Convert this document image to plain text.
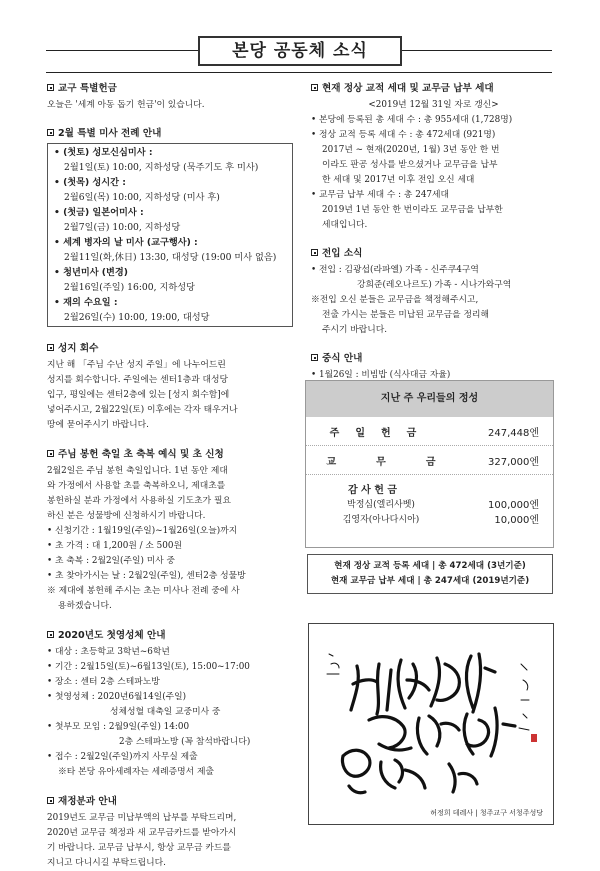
본당 공동체 소식
교구 특별헌금
오늘은 '세계 아동 돕기 헌금'이 있습니다.
2월 특별 미사 전례 안내
• (첫토) 성모신심미사 :
2월1일(토) 10:00, 지하성당 (묵주기도 후 미사)
• (첫목) 성시간 :
2월6일(목) 10:00, 지하성당 (미사 후)
• (첫금) 일본어미사 :
2월7일(금) 10:00, 지하성당
• 세계 병자의 날 미사 (교구행사) :
2월11일(화,休日) 13:30, 대성당 (19:00 미사 없음)
• 청년미사 (변경)
2월16일(주일) 16:00, 지하성당
• 재의 수요일 :
2월26일(수) 10:00, 19:00, 대성당
성지 회수
지난 해 「주님 수난 성지 주일」에 나누어드린
성지를 회수합니다. 주일에는 센터1층과 대성당
입구, 평일에는 센터2층에 있는 [성지 회수함]에
넣어주시고, 2월22일(토) 이후에는 각자 태우거나
땅에 묻어주시기 바랍니다.
주님 봉헌 축일 초 축복 예식 및 초 신청
2월2일은 주님 봉헌 축일입니다. 1년 동안 제대
와 가정에서 사용할 초를 축복하오니, 제대초를
봉헌하실 분과 가정에서 사용하실 기도초가 필요
하신 분은 성물방에 신청하시기 바랍니다.
• 신청기간 : 1월19일(주일)~1월26일(오늘)까지
• 초 가격 : 대 1,200원 / 소 500원
• 초 축복 : 2월2일(주일) 미사 중
• 초 찾아가시는 날 : 2월2일(주일), 센터2층 성물방
※ 제대에 봉헌해 주시는 초는 미사나 전례 중에 사
용하겠습니다.
2020년도 첫영성체 안내
• 대상 : 초등학교 3학년~6학년
• 기간 : 2월15일(토)~6월13일(토), 15:00~17:00
• 장소 : 센터 2층 스테파노방
• 첫영성체 : 2020년6월14일(주일)
성체성혈 대축일 교중미사 중
• 첫부모 모임 : 2월9일(주일) 14:00
2층 스테파노방 (꼭 참석바랍니다)
• 접수 : 2월2일(주일)까지 사무실 제출
※타 본당 유아세례자는 세례증명서 제출
재정분과 안내
2019년도 교무금 미납부액의 납부를 부탁드리며,
2020년 교무금 책정과 새 교무금카드를 받아가시
기 바랍니다. 교무금 납부시, 항상 교무금 카드를
지니고 다니시길 부탁드립니다.
현재 정상 교적 세대 및 교무금 납부 세대
<2019년 12월 31일 자로 갱신>
• 본당에 등록된 총 세대 수 : 총 955세대 (1,728명)
• 정상 교적 등록 세대 수 : 총 472세대 (921명)
2017년 ~ 현재(2020년, 1월) 3년 동안 한 번
이라도 판공 성사를 받으셨거나 교무금을 납부
한 세대 및 2017년 이후 전입 오신 세대
• 교무금 납부 세대 수 : 총 247세대
2019년 1년 동안 한 번이라도 교무금을 납부한
세대입니다.
전입 소식
• 전입 : 김광섭(라파엘) 가족 - 신주쿠4구역
강희준(레오나르도) 가족 - 시나가와구역
※전입 오신 분들은 교무금을 책정해주시고,
전출 가시는 분들은 미납된 교무금을 정리해
주시기 바랍니다.
중식 안내
• 1월26일 : 비빔밥 (식사대금 자율)
지난 주 우리들의 정성
주일헌금	247,448엔
교무금	327,000엔
감 사 헌 금
박정심(엘리사벳)	100,000엔
김영자(아나다시아)	10,000엔
현재 정상 교적 등록 세대 | 총 472세대 (3년기준)
현재 교무금 납부 세대 | 총 247세대 (2019년기준)
허정희 데레사 | 청주교구 서청주성당
